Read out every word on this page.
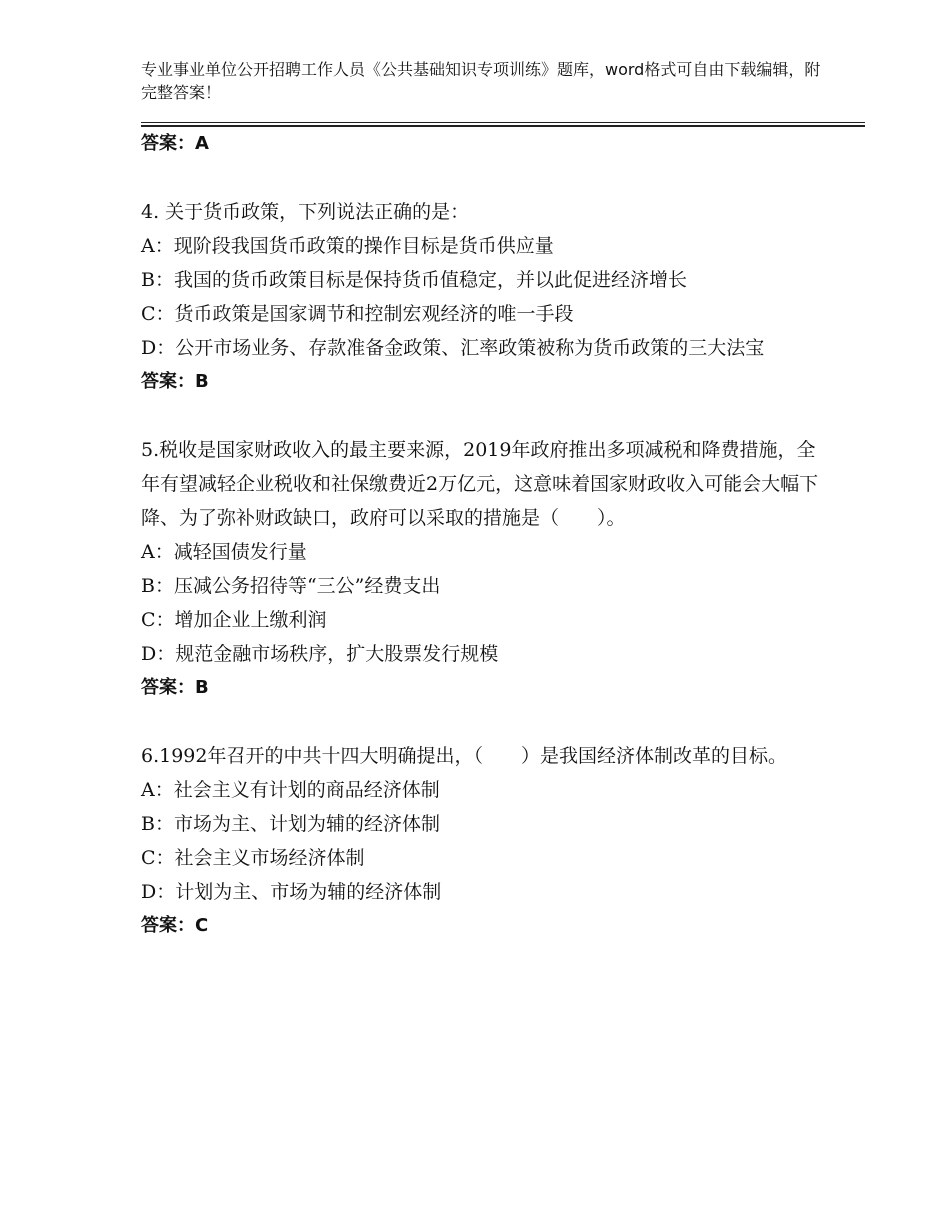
专业事业单位公开招聘工作人员《公共基础知识专项训练》题库，word格式可自由下载编辑，附完整答案！

答案：A

4. 关于货币政策，下列说法正确的是：

A：现阶段我国货币政策的操作目标是货币供应量

B：我国的货币政策目标是保持货币值稳定，并以此促进经济增长

C：货币政策是国家调节和控制宏观经济的唯一手段

D：公开市场业务、存款准备金政策、汇率政策被称为货币政策的三大法宝

答案：B

5.税收是国家财政收入的最主要来源，2019年政府推出多项减税和降费措施，全年有望减轻企业税收和社保缴费近2万亿元，这意味着国家财政收入可能会大幅下降、为了弥补财政缺口，政府可以采取的措施是（　　）。

A：减轻国债发行量

B：压减公务招待等“三公”经费支出

C：增加企业上缴利润

D：规范金融市场秩序，扩大股票发行规模

答案：B

6.1992年召开的中共十四大明确提出，（　　）是我国经济体制改革的目标。

A：社会主义有计划的商品经济体制

B：市场为主、计划为辅的经济体制

C：社会主义市场经济体制

D：计划为主、市场为辅的经济体制

答案：C
